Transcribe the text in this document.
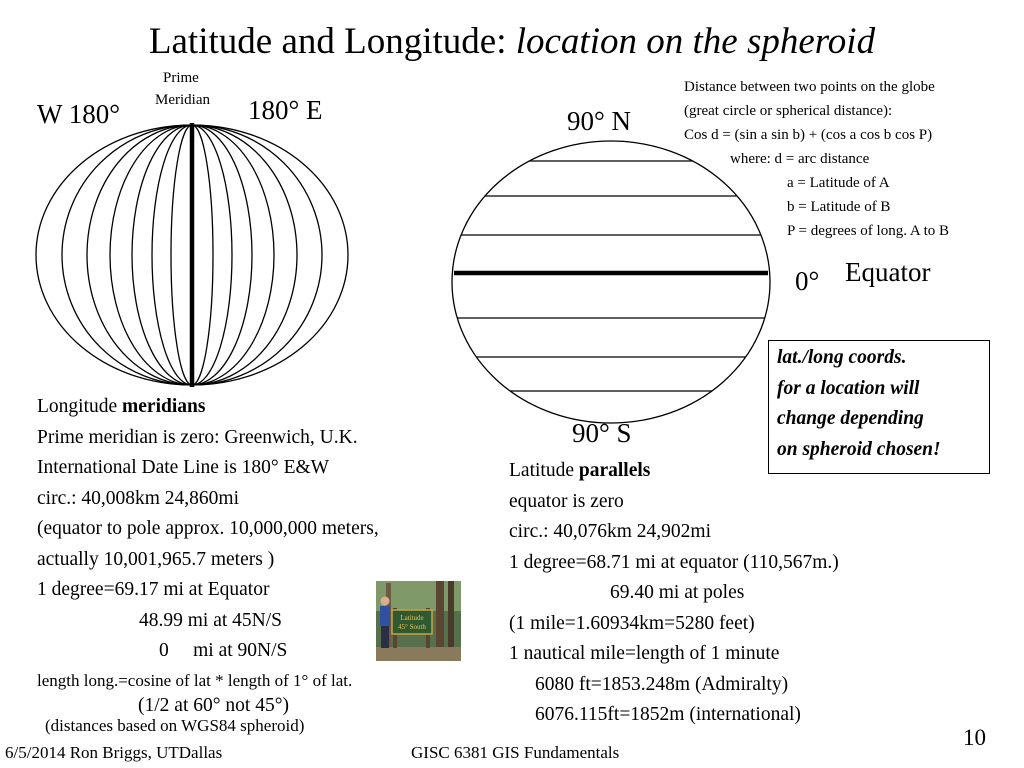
Latitude and Longitude: location on the spheroid
W 180°	180° E
Prime
Meridian
90° N
90° S
0° Equator
Distance between two points on the globe
(great circle or spherical distance):
Cos d = (sin a sin b) + (cos a cos b cos P)
where: d = arc distance
a = Latitude of A
b = Latitude of B
P = degrees of long. A to B
lat./long coords.
for a location will
change depending
on spheroid chosen!
Longitude meridians
Prime meridian is zero: Greenwich, U.K.
International Date Line is 180° E&W
circ.: 40,008km 24,860mi
(equator to pole approx. 10,000,000 meters,
actually 10,001,965.7 meters )
1 degree=69.17 mi at Equator
48.99 mi at 45N/S
0     mi at 90N/S
length long.=cosine of lat * length of 1° of lat.
(1/2 at 60° not 45°)
(distances based on WGS84 spheroid)
Latitude parallels
equator is zero
circ.: 40,076km 24,902mi
1 degree=68.71 mi at equator (110,567m.)
69.40 mi at poles
(1 mile=1.60934km=5280 feet)
1 nautical mile=length of 1 minute
6080 ft=1853.248m (Admiralty)
6076.115ft=1852m (international)
Latitude
45° South
6/5/2014 Ron Briggs, UTDallas	GISC 6381 GIS Fundamentals
10
